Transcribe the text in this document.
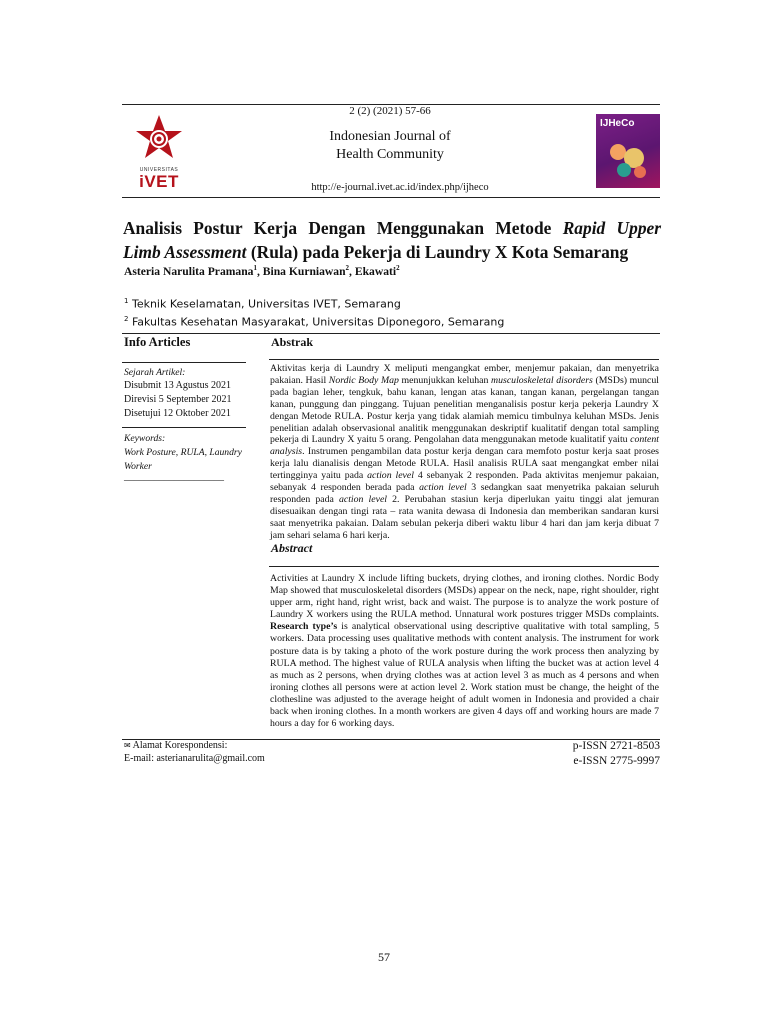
2 (2) (2021) 57-66
UNIVERSITAS
iVET
Indonesian Journal of
Health Community
IJHeCo
http://e-journal.ivet.ac.id/index.php/ijheco
Analisis Postur Kerja Dengan Menggunakan Metode Rapid Upper
Limb Assessment (Rula) pada Pekerja di Laundry X Kota Semarang
Asteria Narulita Pramana$^1$, Bina Kurniawan$^2$, Ekawati$^2$
$^1$ Teknik Keselamatan, Universitas IVET, Semarang
$^2$ Fakultas Kesehatan Masyarakat, Universitas Diponegoro, Semarang
Info Articles
Sejarah Artikel:
Disubmit 13 Agustus 2021
Direvisi 5 September 2021
Disetujui 12 Oktober 2021
Keywords:
Work Posture, RULA, Laundry
Worker
____________________
Abstrak
Aktivitas kerja di Laundry X meliputi mengangkat ember, menjemur pakaian, dan menyetrika pakaian. Hasil Nordic Body Map menunjukkan keluhan musculoskeletal disorders (MSDs) muncul pada bagian leher, tengkuk, bahu kanan, lengan atas kanan, tangan kanan, pergelangan tangan kanan, punggung dan pinggang. Tujuan penelitian menganalisis postur kerja pekerja Laundry X dengan Metode RULA. Postur kerja yang tidak alamiah memicu timbulnya keluhan MSDs. Jenis penelitian adalah observasional analitik menggunakan deskriptif kualitatif dengan total sampling pekerja di Laundry X yaitu 5 orang. Pengolahan data menggunakan metode kualitatif yaitu content analysis. Instrumen pengambilan data postur kerja dengan cara memfoto postur kerja saat proses kerja lalu dianalisis dengan Metode RULA. Hasil analisis RULA saat mengangkat ember nilai tertingginya yaitu pada action level 4 sebanyak 2 responden. Pada aktivitas menjemur pakaian, sebanyak 4 responden berada pada action level 3 sedangkan saat menyetrika pakaian seluruh responden pada action level 2. Perubahan stasiun kerja diperlukan yaitu tinggi alat jemuran disesuaikan dengan tingi rata – rata wanita dewasa di Indonesia dan memberikan sandaran kursi saat menyetrika pakaian. Dalam sebulan pekerja diberi waktu libur 4 hari dan jam kerja dibuat 7 jam sehari selama 6 hari kerja.
Abstract
Activities at Laundry X include lifting buckets, drying clothes, and ironing clothes. Nordic Body Map showed that musculoskeletal disorders (MSDs) appear on the neck, nape, right shoulder, right upper arm, right hand, right wrist, back and waist. The purpose is to analyze the work posture of Laundry X workers using the RULA method. Unnatural work postures trigger MSDs complaints. Research type’s is analytical observational using descriptive qualitative with total sampling, 5 workers. Data processing uses qualitative methods with content analysis. The instrument for work posture data is by taking a photo of the work posture during the work process then analyzing by RULA method. The highest value of RULA analysis when lifting the bucket was at action level 4 as much as 2 persons, when drying clothes was at action level 3 as much as 4 persons and when ironing clothes all persons were at action level 2. Work station must be change, the height of the clothesline was adjusted to the average height of adult women in Indonesia and provided a chair back when ironing clothes. In a month workers are given 4 days off and working hours are made 7 hours a day for 6 working days.
✉ Alamat Korespondensi:
E-mail: asterianarulita@gmail.com
p-ISSN 2721-8503
e-ISSN 2775-9997
57
